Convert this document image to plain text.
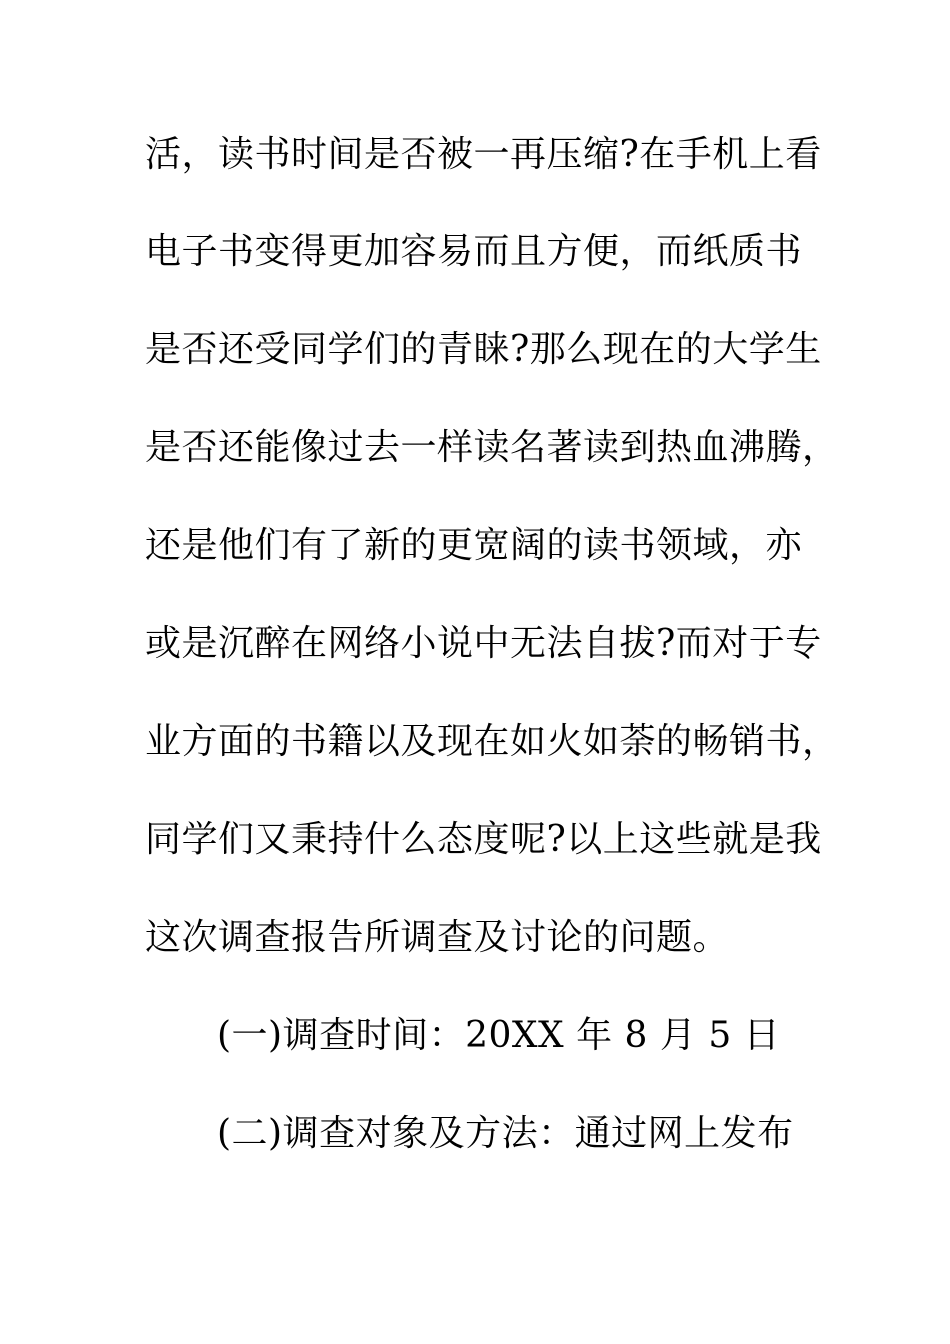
活，读书时间是否被一再压缩?在手机上看
电子书变得更加容易而且方便，而纸质书
是否还受同学们的青睐?那么现在的大学生
是否还能像过去一样读名著读到热血沸腾，
还是他们有了新的更宽阔的读书领域，亦
或是沉醉在网络小说中无法自拔?而对于专
业方面的书籍以及现在如火如荼的畅销书，
同学们又秉持什么态度呢?以上这些就是我
这次调查报告所调查及讨论的问题。
(一)调查时间：20XX 年 8 月 5 日
(二)调查对象及方法：通过网上发布
